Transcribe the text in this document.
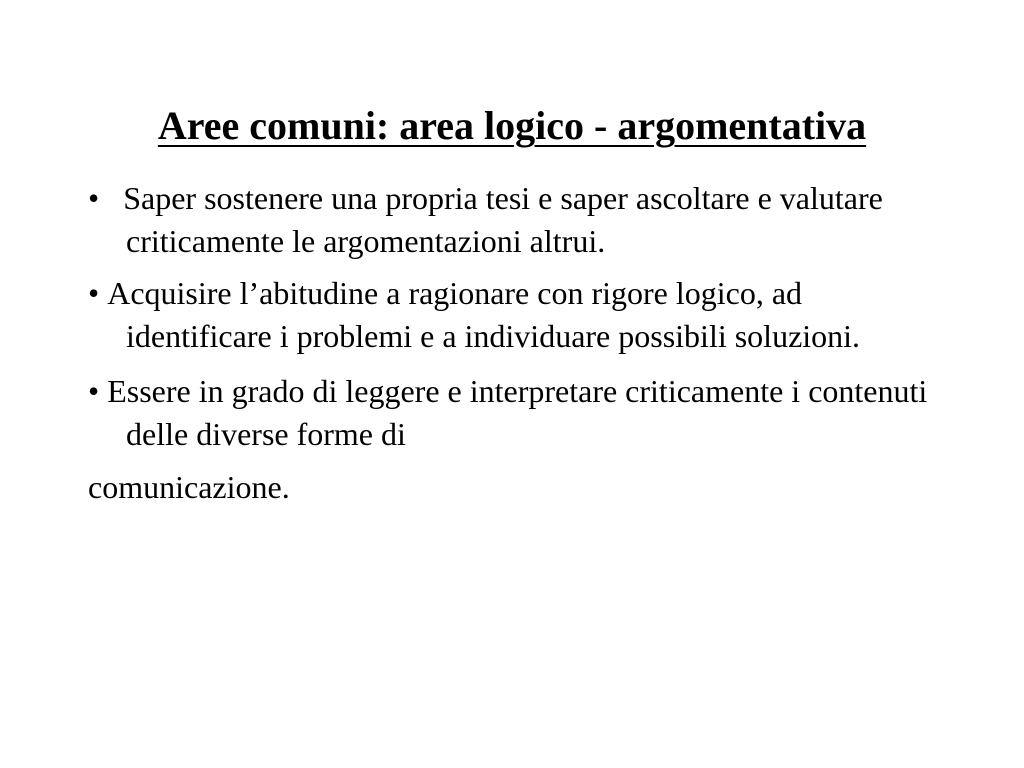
Aree comuni: area logico - argomentativa

• Saper sostenere una propria tesi e saper ascoltare e valutare criticamente le argomentazioni altrui.

• Acquisire l’abitudine a ragionare con rigore logico, ad identificare i problemi e a individuare possibili soluzioni.

• Essere in grado di leggere e interpretare criticamente i contenuti delle diverse forme di

comunicazione.
